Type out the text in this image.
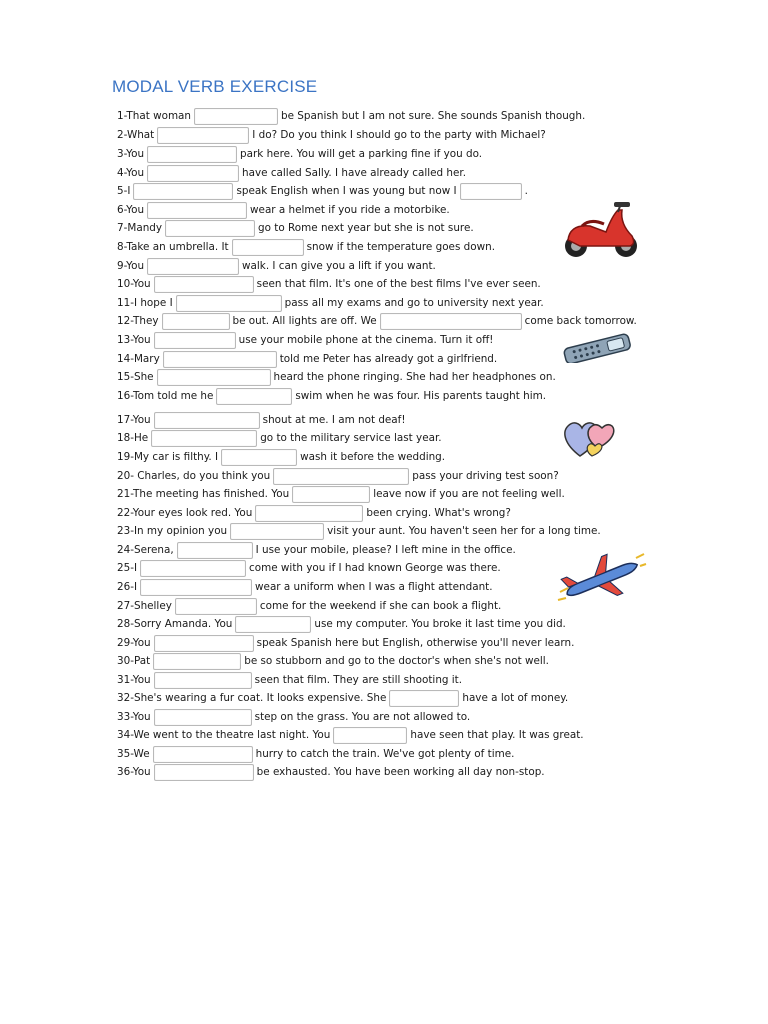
MODAL VERB EXERCISE
1-That woman	be Spanish but I am not sure. She sounds Spanish though.
2-What	I do? Do you think I should go to the party with Michael?
3-You	park here. You will get a parking fine if you do.
4-You	have called Sally. I have already called her.
5-I	speak English when I was young but now I	.
6-You	wear a helmet if you ride a motorbike.
7-Mandy	go to Rome next year but she is not sure.
8-Take an umbrella. It	snow if the temperature goes down.
9-You	walk. I can give you a lift if you want.
10-You	seen that film. It's one of the best films I've ever seen.
11-I hope I	pass all my exams and go to university next year.
12-They	be out. All lights are off. We	come back tomorrow.
13-You	use your mobile phone at the cinema. Turn it off!
14-Mary	told me Peter has already got a girlfriend.
15-She	heard the phone ringing. She had her headphones on.
16-Tom told me he	swim when he was four. His parents taught him.
17-You	shout at me. I am not deaf!
18-He	go to the military service last year.
19-My car is filthy. I	wash it before the wedding.
20- Charles, do you think you	pass your driving test soon?
21-The meeting has finished. You	leave now if you are not feeling well.
22-Your eyes look red. You	been crying. What's wrong?
23-In my opinion you	visit your aunt. You haven't seen her for a long time.
24-Serena,	I use your mobile, please? I left mine in the office.
25-I	come with you if I had known George was there.
26-I	wear a uniform when I was a flight attendant.
27-Shelley	come for the weekend if she can book a flight.
28-Sorry Amanda. You	use my computer. You broke it last time you did.
29-You	speak Spanish here but English, otherwise you'll never learn.
30-Pat	be so stubborn and go to the doctor's when she's not well.
31-You	seen that film. They are still shooting it.
32-She's wearing a fur coat. It looks expensive. She	have a lot of money.
33-You	step on the grass. You are not allowed to.
34-We went to the theatre last night. You	have seen that play. It was great.
35-We	hurry to catch the train. We've got plenty of time.
36-You	be exhausted. You have been working all day non-stop.
